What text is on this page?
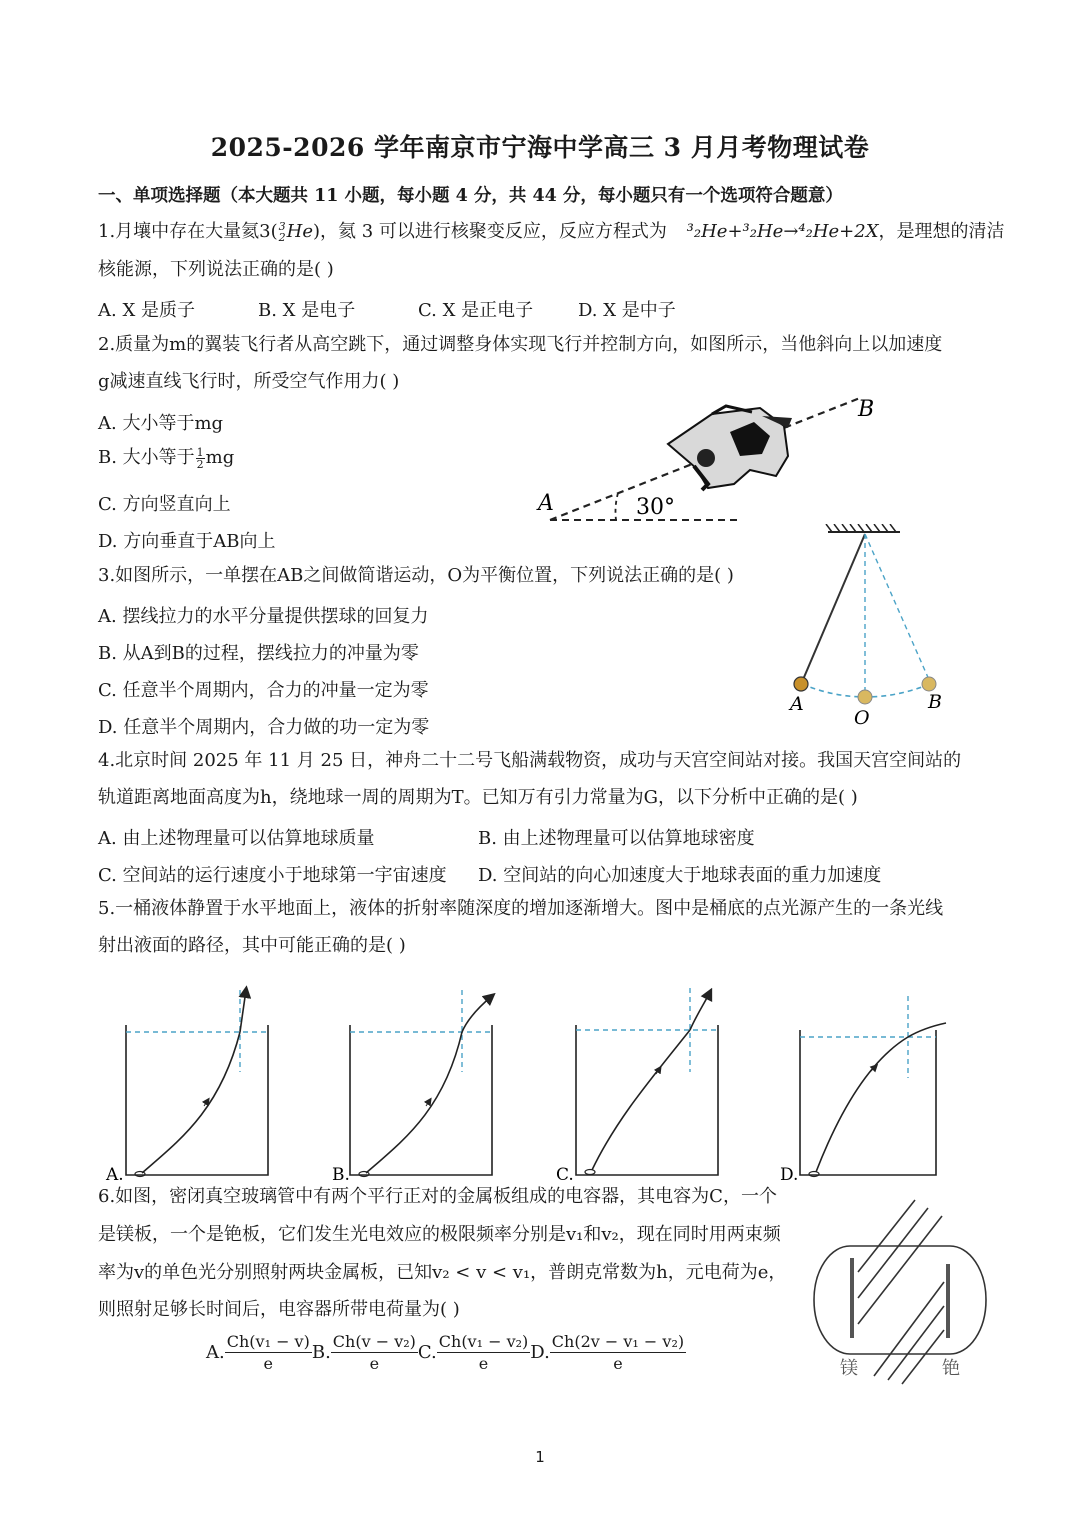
2025-2026 学年南京市宁海中学高三 3 月月考物理试卷
一、单项选择题（本大题共 11 小题，每小题 4 分，共 44 分，每小题只有一个选项符合题意）
1.月壤中存在大量氦3( 3
2 He)，氦 3 可以进行核聚变反应，反应方程式为 ³₂He+³₂He→⁴₂He+2X，是理想的清洁
核能源，下列说法正确的是( )
A. X 是质子	B. X 是电子	C. X 是正电子 D. X 是中子
2.质量为m的翼装飞行者从高空跳下，通过调整身体实现飞行并控制方向，如图所示，当他斜向上以加速度
g减速直线飞行时，所受空气作用力( )
A. 大小等于mg
B. 大小等于 $\frac{1}{2}$ mg
C. 方向竖直向上
D. 方向垂直于AB向上
A
B
30°
3.如图所示，一单摆在AB之间做简谐运动，O为平衡位置，下列说法正确的是( )
A. 摆线拉力的水平分量提供摆球的回复力
B. 从A到B的过程，摆线拉力的冲量为零
C. 任意半个周期内，合力的冲量一定为零
D. 任意半个周期内，合力做的功一定为零
A
O
B
4.北京时间 2025 年 11 月 25 日，神舟二十二号飞船满载物资，成功与天宫空间站对接。我国天宫空间站的
轨道距离地面高度为h，绕地球一周的周期为T。已知万有引力常量为G，以下分析中正确的是( )
A. 由上述物理量可以估算地球质量	B. 由上述物理量可以估算地球密度
C. 空间站的运行速度小于地球第一宇宙速度 D. 空间站的向心加速度大于地球表面的重力加速度
5.一桶液体静置于水平地面上，液体的折射率随深度的增加逐渐增大。图中是桶底的点光源产生的一条光线
射出液面的路径，其中可能正确的是( )
A.	B.	C.	D.
6.如图，密闭真空玻璃管中有两个平行正对的金属板组成的电容器，其电容为C，一个
是镁板，一个是铯板，它们发生光电效应的极限频率分别是v₁和v₂，现在同时用两束频
率为v的单色光分别照射两块金属板，已知v₂ < v < v₁，普朗克常数为h，元电荷为e，
则照射足够长时间后，电容器所带电荷量为( )
A. $\frac{\text{Ch(v₁ − v)}}{e} B$. $\frac{\text{Ch(v − v₂)}}{e} C$. $\frac{\text{Ch(v₁ − v₂)}}{e} D$. $\frac{\text{Ch(2v − v₁ − v₂)}}{e}$	镁	铯
1
